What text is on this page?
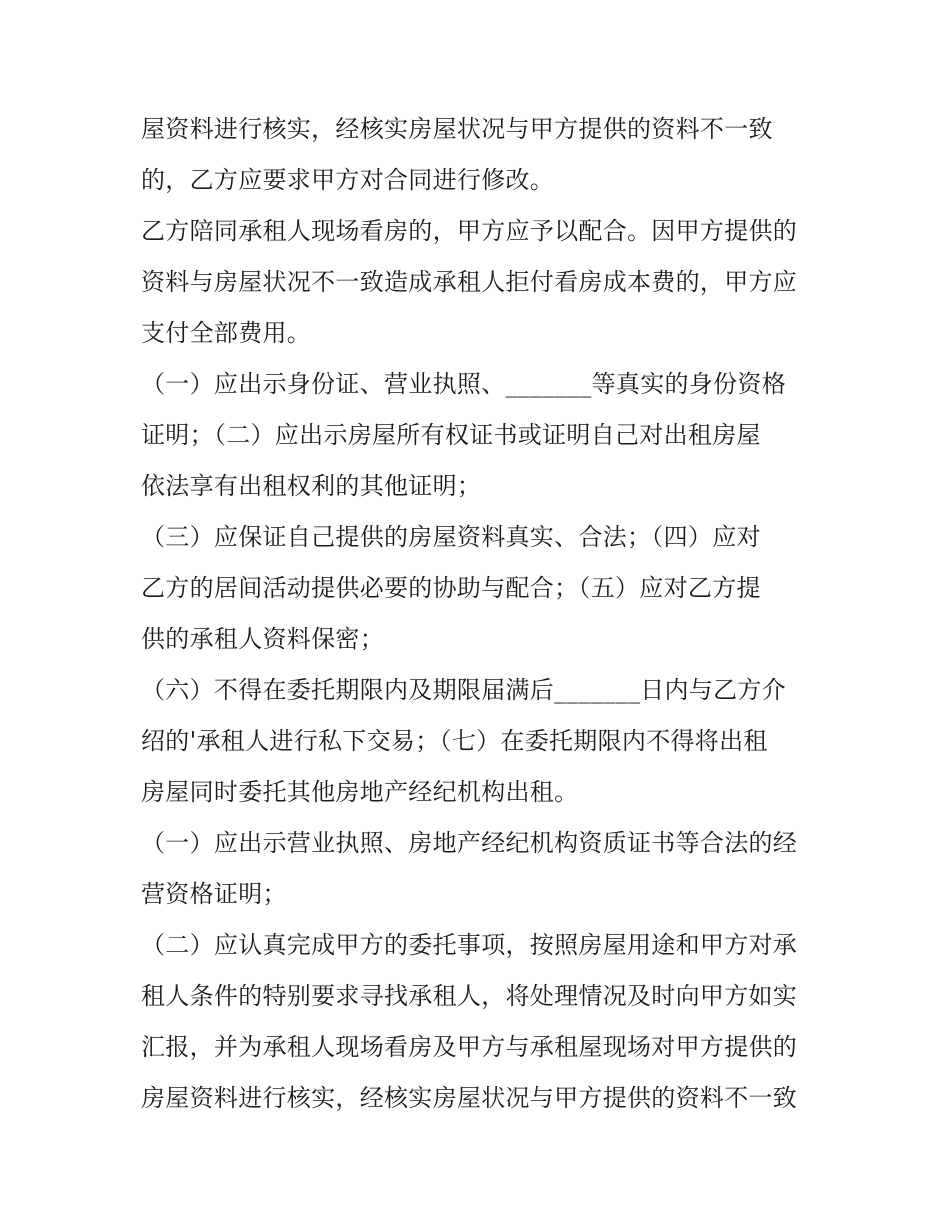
屋资料进行核实，经核实房屋状况与甲方提供的资料不一致
的，乙方应要求甲方对合同进行修改。

乙方陪同承租人现场看房的，甲方应予以配合。因甲方提供的
资料与房屋状况不一致造成承租人拒付看房成本费的，甲方应
支付全部费用。

（一）应出示身份证、营业执照、_______等真实的身份资格
证明；（二）应出示房屋所有权证书或证明自己对出租房屋
依法享有出租权利的其他证明；

（三）应保证自己提供的房屋资料真实、合法；（四）应对
乙方的居间活动提供必要的协助与配合；（五）应对乙方提
供的承租人资料保密；

（六）不得在委托期限内及期限届满后_______日内与乙方介
绍的'承租人进行私下交易；（七）在委托期限内不得将出租
房屋同时委托其他房地产经纪机构出租。

（一）应出示营业执照、房地产经纪机构资质证书等合法的经
营资格证明；

（二）应认真完成甲方的委托事项，按照房屋用途和甲方对承
租人条件的特别要求寻找承租人，将处理情况及时向甲方如实
汇报，并为承租人现场看房及甲方与承租屋现场对甲方提供的
房屋资料进行核实，经核实房屋状况与甲方提供的资料不一致
